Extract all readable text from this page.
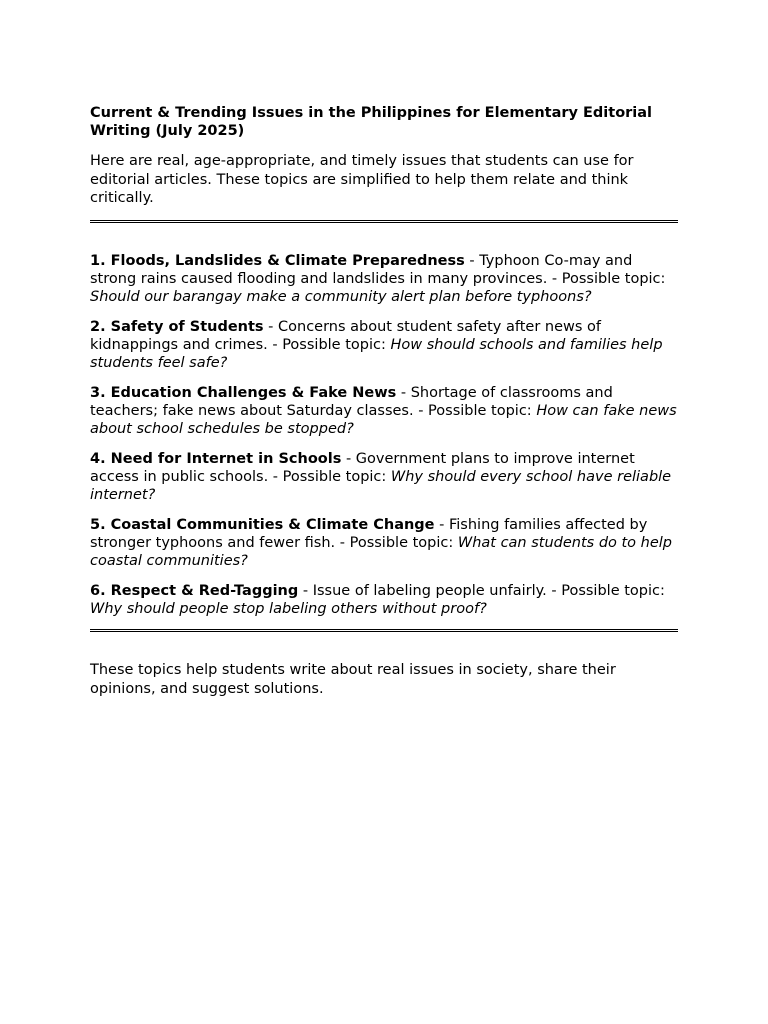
Current & Trending Issues in the Philippines for Elementary Editorial Writing (July 2025)

Here are real, age-appropriate, and timely issues that students can use for editorial articles. These topics are simplified to help them relate and think critically.

1. Floods, Landslides & Climate Preparedness - Typhoon Co-may and strong rains caused flooding and landslides in many provinces. - Possible topic: Should our barangay make a community alert plan before typhoons?
2. Safety of Students - Concerns about student safety after news of kidnappings and crimes. - Possible topic: How should schools and families help students feel safe?
3. Education Challenges & Fake News - Shortage of classrooms and teachers; fake news about Saturday classes. - Possible topic: How can fake news about school schedules be stopped?
4. Need for Internet in Schools - Government plans to improve internet access in public schools. - Possible topic: Why should every school have reliable internet?
5. Coastal Communities & Climate Change - Fishing families affected by stronger typhoons and fewer fish. - Possible topic: What can students do to help coastal communities?
6. Respect & Red-Tagging - Issue of labeling people unfairly. - Possible topic: Why should people stop labeling others without proof?

These topics help students write about real issues in society, share their opinions, and suggest solutions.
